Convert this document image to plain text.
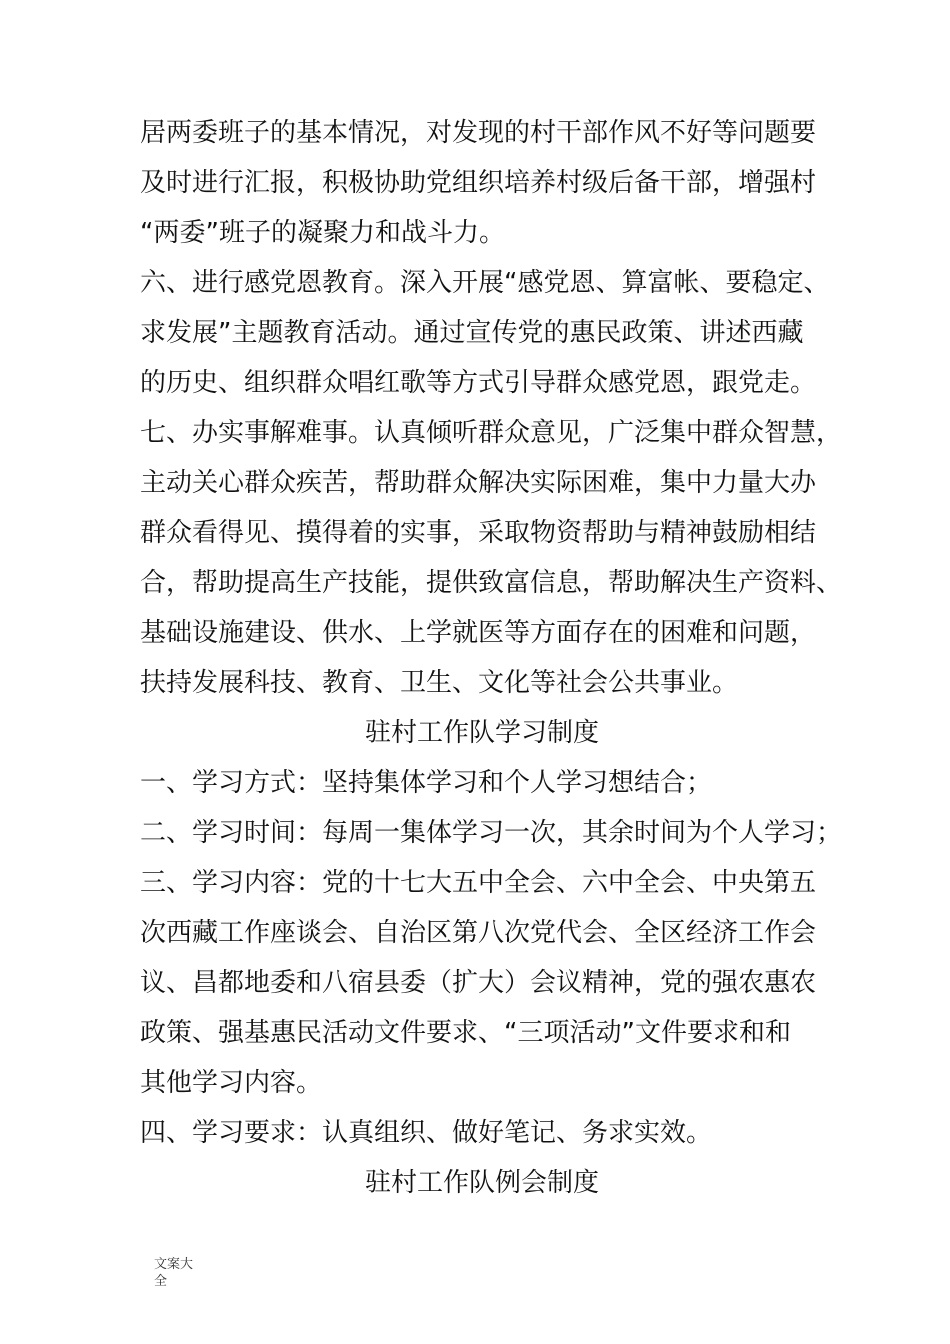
居两委班子的基本情况，对发现的村干部作风不好等问题要
及时进行汇报，积极协助党组织培养村级后备干部，增强村
“两委”班子的凝聚力和战斗力。
六、进行感党恩教育。深入开展“感党恩、算富帐、要稳定、
求发展”主题教育活动。通过宣传党的惠民政策、讲述西藏
的历史、组织群众唱红歌等方式引导群众感党恩，跟党走。
七、办实事解难事。认真倾听群众意见，广泛集中群众智慧，
主动关心群众疾苦，帮助群众解决实际困难，集中力量大办
群众看得见、摸得着的实事，采取物资帮助与精神鼓励相结
合，帮助提高生产技能，提供致富信息，帮助解决生产资料、
基础设施建设、供水、上学就医等方面存在的困难和问题，
扶持发展科技、教育、卫生、文化等社会公共事业。
驻村工作队学习制度
一、学习方式：坚持集体学习和个人学习想结合；
二、学习时间：每周一集体学习一次，其余时间为个人学习；
三、学习内容：党的十七大五中全会、六中全会、中央第五
次西藏工作座谈会、自治区第八次党代会、全区经济工作会
议、昌都地委和八宿县委（扩大）会议精神，党的强农惠农
政策、强基惠民活动文件要求、“三项活动”文件要求和和
其他学习内容。
四、学习要求：认真组织、做好笔记、务求实效。
驻村工作队例会制度
文案大全
